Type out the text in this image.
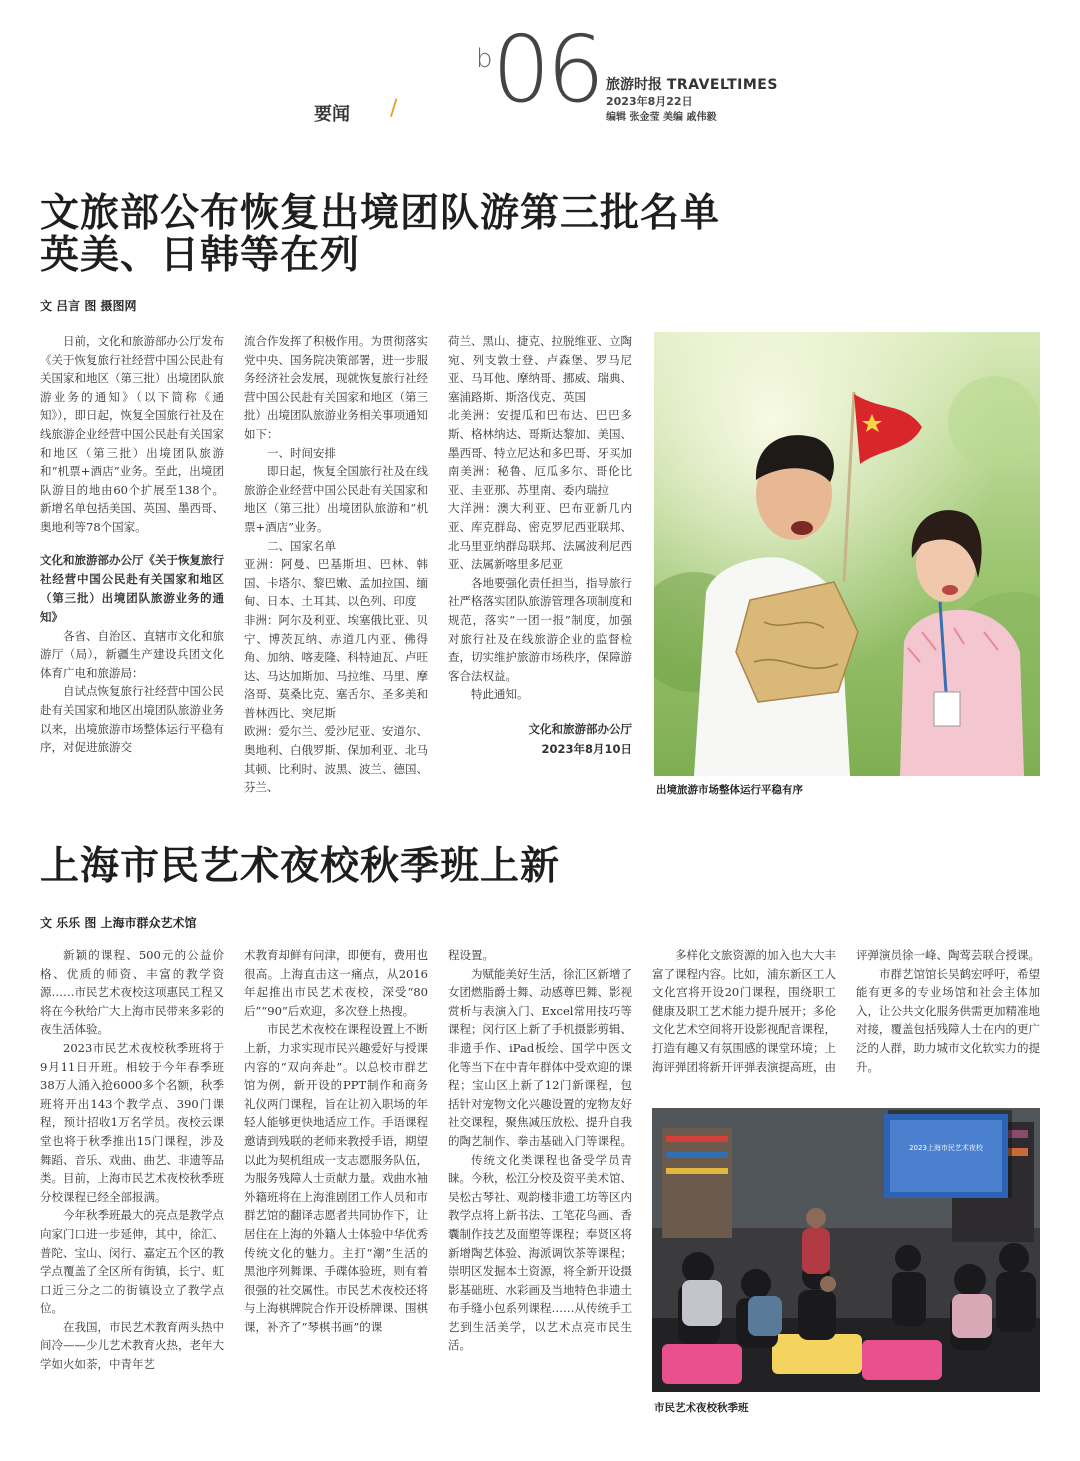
要闻 /
b 06 旅游时报 TRAVELTIMES
2023年8月22日
编辑 张金莹 美编 戚伟毅
文旅部公布恢复出境团队游第三批名单
英美、日韩等在列
文 吕言 图 摄图网

日前，文化和旅游部办公厅发布《关于恢复旅行社经营中国公民赴有关国家和地区（第三批）出境团队旅游业务的通知》（以下简称《通知》），即日起，恢复全国旅行社及在线旅游企业经营中国公民赴有关国家和地区（第三批）出境团队旅游和“机票+酒店”业务。至此，出境团队游目的地由60个扩展至138个。新增名单包括美国、英国、墨西哥、奥地利等78个国家。

文化和旅游部办公厅《关于恢复旅行社经营中国公民赴有关国家和地区（第三批）出境团队旅游业务的通知》

各省、自治区、直辖市文化和旅游厅（局），新疆生产建设兵团文化体育广电和旅游局：

自试点恢复旅行社经营中国公民赴有关国家和地区出境团队旅游业务以来，出境旅游市场整体运行平稳有序，对促进旅游交

流合作发挥了积极作用。为贯彻落实党中央、国务院决策部署，进一步服务经济社会发展，现就恢复旅行社经营中国公民赴有关国家和地区（第三批）出境团队旅游业务相关事项通知如下：

一、时间安排

即日起，恢复全国旅行社及在线旅游企业经营中国公民赴有关国家和地区（第三批）出境团队旅游和“机票+酒店”业务。

二、国家名单

亚洲：阿曼、巴基斯坦、巴林、韩国、卡塔尔、黎巴嫩、孟加拉国、缅甸、日本、土耳其、以色列、印度

非洲：阿尔及利亚、埃塞俄比亚、贝宁、博茨瓦纳、赤道几内亚、佛得角、加纳、喀麦隆、科特迪瓦、卢旺达、马达加斯加、马拉维、马里、摩洛哥、莫桑比克、塞舌尔、圣多美和普林西比、突尼斯

欧洲：爱尔兰、爱沙尼亚、安道尔、奥地利、白俄罗斯、保加利亚、北马其顿、比利时、波黑、波兰、德国、芬兰、

荷兰、黑山、捷克、拉脱维亚、立陶宛、列支敦士登、卢森堡、罗马尼亚、马耳他、摩纳哥、挪威、瑞典、塞浦路斯、斯洛伐克、英国

北美洲：安提瓜和巴布达、巴巴多斯、格林纳达、哥斯达黎加、美国、墨西哥、特立尼达和多巴哥、牙买加

南美洲：秘鲁、厄瓜多尔、哥伦比亚、圭亚那、苏里南、委内瑞拉

大洋洲：澳大利亚、巴布亚新几内亚、库克群岛、密克罗尼西亚联邦、北马里亚纳群岛联邦、法属波利尼西亚、法属新喀里多尼亚

各地要强化责任担当，指导旅行社严格落实团队旅游管理各项制度和规范，落实“一团一报”制度，加强对旅行社及在线旅游企业的监督检查，切实维护旅游市场秩序，保障游客合法权益。

特此通知。

文化和旅游部办公厅

2023年8月10日

出境旅游市场整体运行平稳有序
上海市民艺术夜校秋季班上新
文 乐乐 图 上海市群众艺术馆

新颖的课程、500元的公益价格、优质的师资、丰富的教学资源……市民艺术夜校这项惠民工程又将在今秋给广大上海市民带来多彩的夜生活体验。

2023市民艺术夜校秋季班将于9月11日开班。相较于今年春季班38万人涌入抢6000多个名额，秋季班将开出143个教学点、390门课程，预计招收1万名学员。夜校云课堂也将于秋季推出15门课程，涉及舞蹈、音乐、戏曲、曲艺、非遗等品类。目前，上海市民艺术夜校秋季班分校课程已经全部报满。

今年秋季班最大的亮点是教学点向家门口进一步延伸，其中，徐汇、普陀、宝山、闵行、嘉定五个区的教学点覆盖了全区所有街镇，长宁、虹口近三分之二的街镇设立了教学点位。

在我国，市民艺术教育两头热中间冷——少儿艺术教育火热，老年大学如火如荼，中青年艺

术教育却鲜有问津，即便有，费用也很高。上海直击这一痛点，从2016年起推出市民艺术夜校，深受“80后”“90”后欢迎，多次登上热搜。

市民艺术夜校在课程设置上不断上新，力求实现市民兴趣爱好与授课内容的“双向奔赴”。以总校市群艺馆为例，新开设的PPT制作和商务礼仪两门课程，旨在让初入职场的年轻人能够更快地适应工作。手语课程邀请到残联的老师来教授手语，期望以此为契机组成一支志愿服务队伍，为服务残障人士贡献力量。戏曲水袖外籍班将在上海淮剧团工作人员和市群艺馆的翻译志愿者共同协作下，让居住在上海的外籍人士体验中华优秀传统文化的魅力。主打“潮”生活的黑池序列舞课、手碟体验班，则有着很强的社交属性。市民艺术夜校还将与上海棋牌院合作开设桥牌课、围棋课，补齐了“琴棋书画”的课

程设置。

为赋能美好生活，徐汇区新增了女团燃脂爵士舞、动感尊巴舞、影视赏析与表演入门、Excel常用技巧等课程；闵行区上新了手机摄影剪辑、非遗手作、iPad板绘、国学中医文化等当下在中青年群体中受欢迎的课程；宝山区上新了12门新课程，包括针对宠物文化兴趣设置的宠物友好社交课程，聚焦减压放松、提升自我的陶艺制作、拳击基础入门等课程。

传统文化类课程也备受学员青睐。今秋，松江分校及资平美术馆、吴松古琴社、观韵楼非遗工坊等区内教学点将上新书法、工笔花鸟画、香囊制作技艺及面塑等课程；奉贤区将新增陶艺体验、海派调饮茶等课程；崇明区发掘本土资源，将全新开设摄影基础班、水彩画及当地特色非遗土布手缝小包系列课程……从传统手工艺到生活美学，以艺术点亮市民生活。

多样化文旅资源的加入也大大丰富了课程内容。比如，浦东新区工人文化宫将开设20门课程，围绕职工健康及职工艺术能力提升展开；多伦文化艺术空间将开设影视配音课程，打造有趣又有氛围感的课堂环境；上海评弹团将新开评弹表演提高班，由

评弹演员徐一峰、陶莺芸联合授课。

市群艺馆馆长吴鹤宏呼吁，希望能有更多的专业场馆和社会主体加入，让公共文化服务供需更加精准地对接，覆盖包括残障人士在内的更广泛的人群，助力城市文化软实力的提升。

2023上海市民艺术夜校
市民艺术夜校秋季班
